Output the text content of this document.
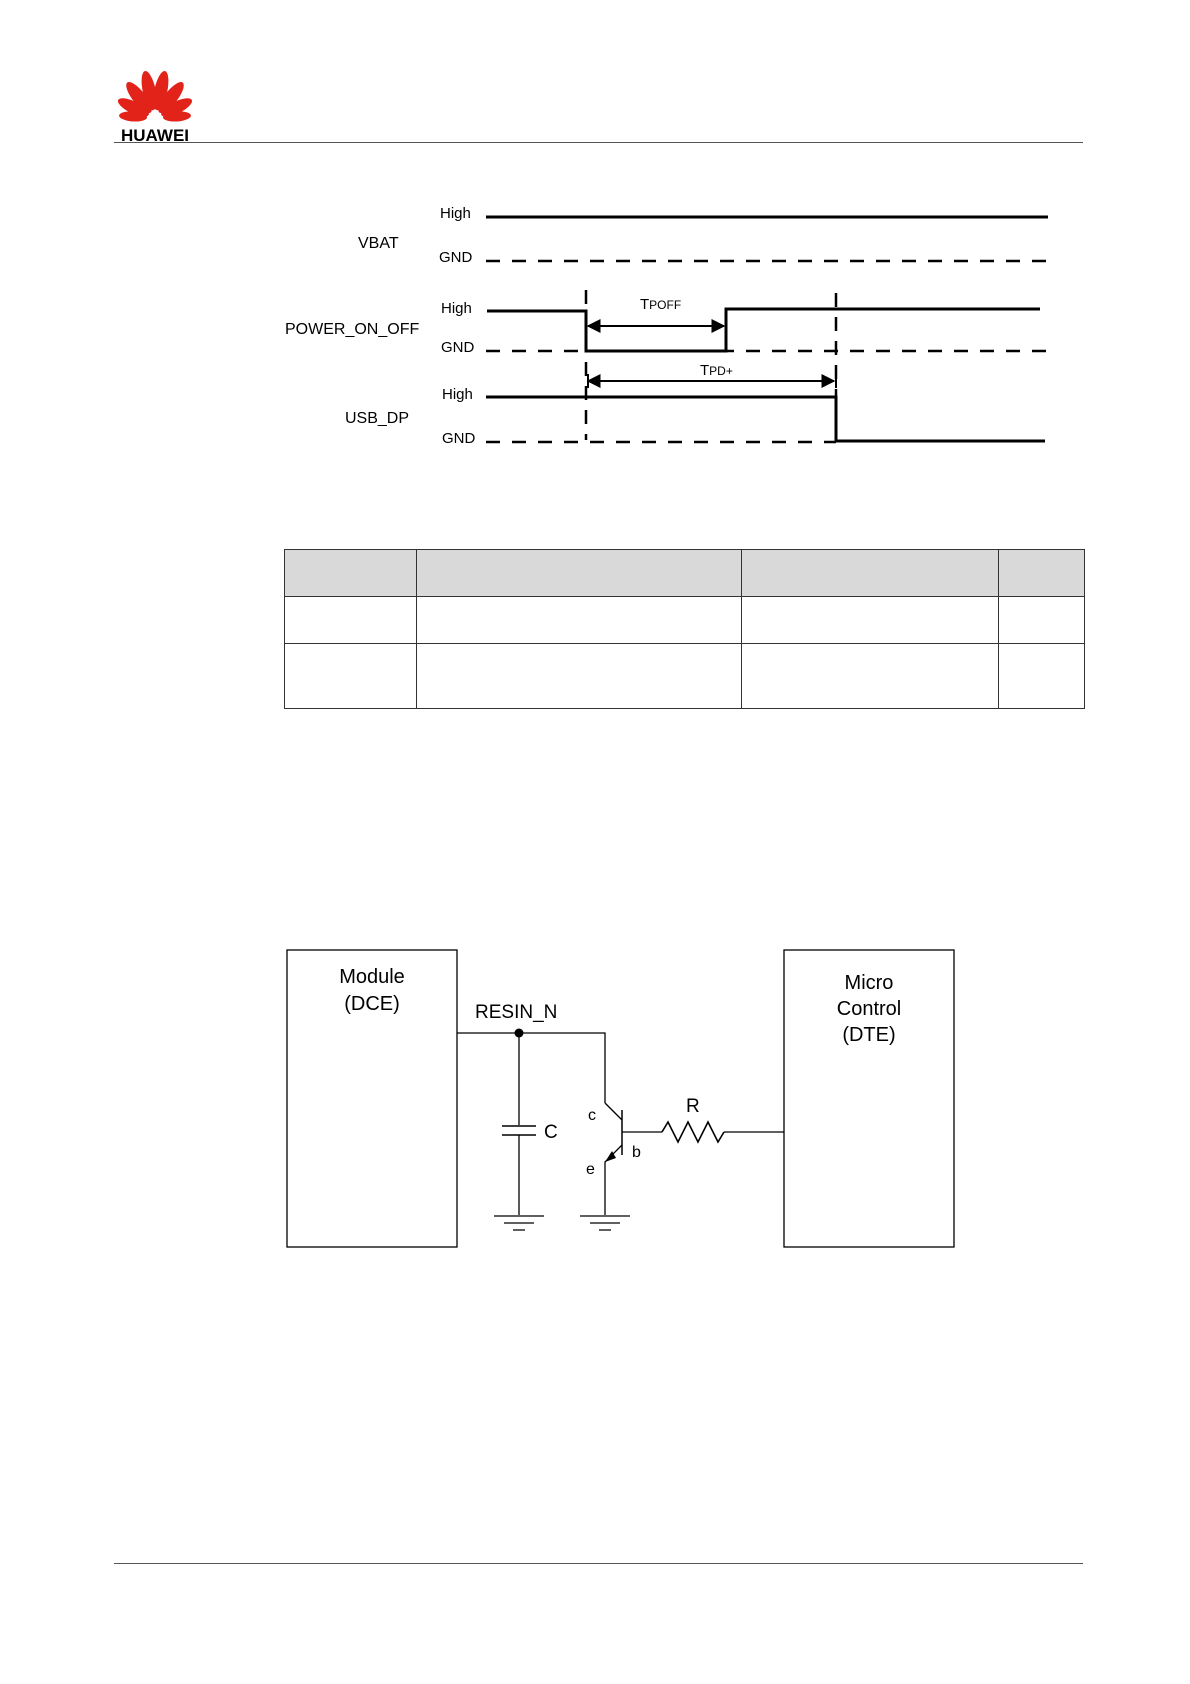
HUAWEI
VBAT
High
GND
POWER_ON_OFF
High
GND
TPOFF
TPD+
USB_DP
High
GND

Module
(DCE)
Micro
Control
(DTE)
RESIN_N
C
c
b
e
R
